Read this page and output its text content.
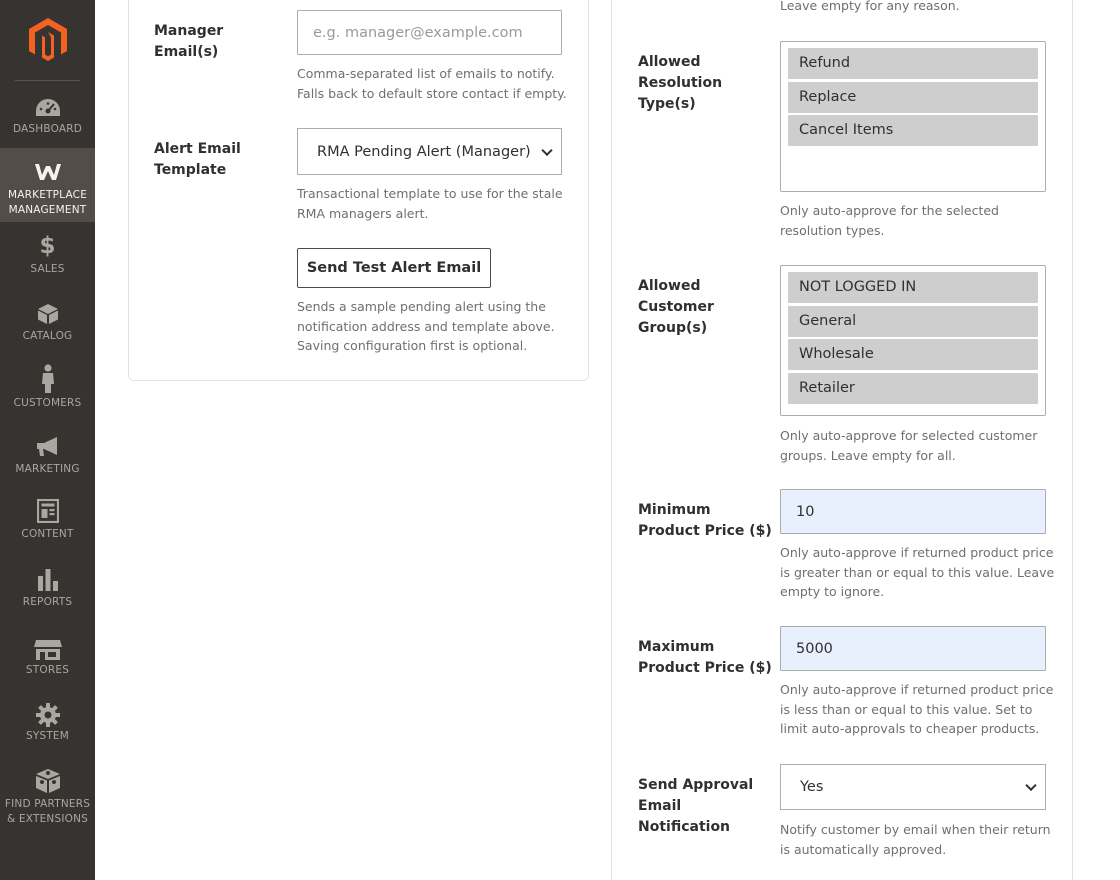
DASHBOARD
MARKETPLACE
MANAGEMENT
$
SALES
CATALOG
CUSTOMERS
MARKETING
CONTENT
REPORTS
STORES
SYSTEM
FIND PARTNERS
& EXTENSIONS
Manager
Email(s)
e.g. manager@example.com
Comma-separated list of emails to notify.
Falls back to default store contact if empty.
Alert Email
Template
RMA Pending Alert (Manager)
Transactional template to use for the stale
RMA managers alert.
Send Test Alert Email
Sends a sample pending alert using the
notification address and template above.
Saving configuration first is optional.
Leave empty for any reason.
Allowed
Resolution
Type(s)
Refund
Replace
Cancel Items
Only auto-approve for the selected
resolution types.
Allowed
Customer
Group(s)
NOT LOGGED IN
General
Wholesale
Retailer
Only auto-approve for selected customer
groups. Leave empty for all.
Minimum
Product Price ($)
10
Only auto-approve if returned product price
is greater than or equal to this value. Leave
empty to ignore.
Maximum
Product Price ($)
5000
Only auto-approve if returned product price
is less than or equal to this value. Set to
limit auto-approvals to cheaper products.
Send Approval
Email
Notification
Yes
Notify customer by email when their return
is automatically approved.
